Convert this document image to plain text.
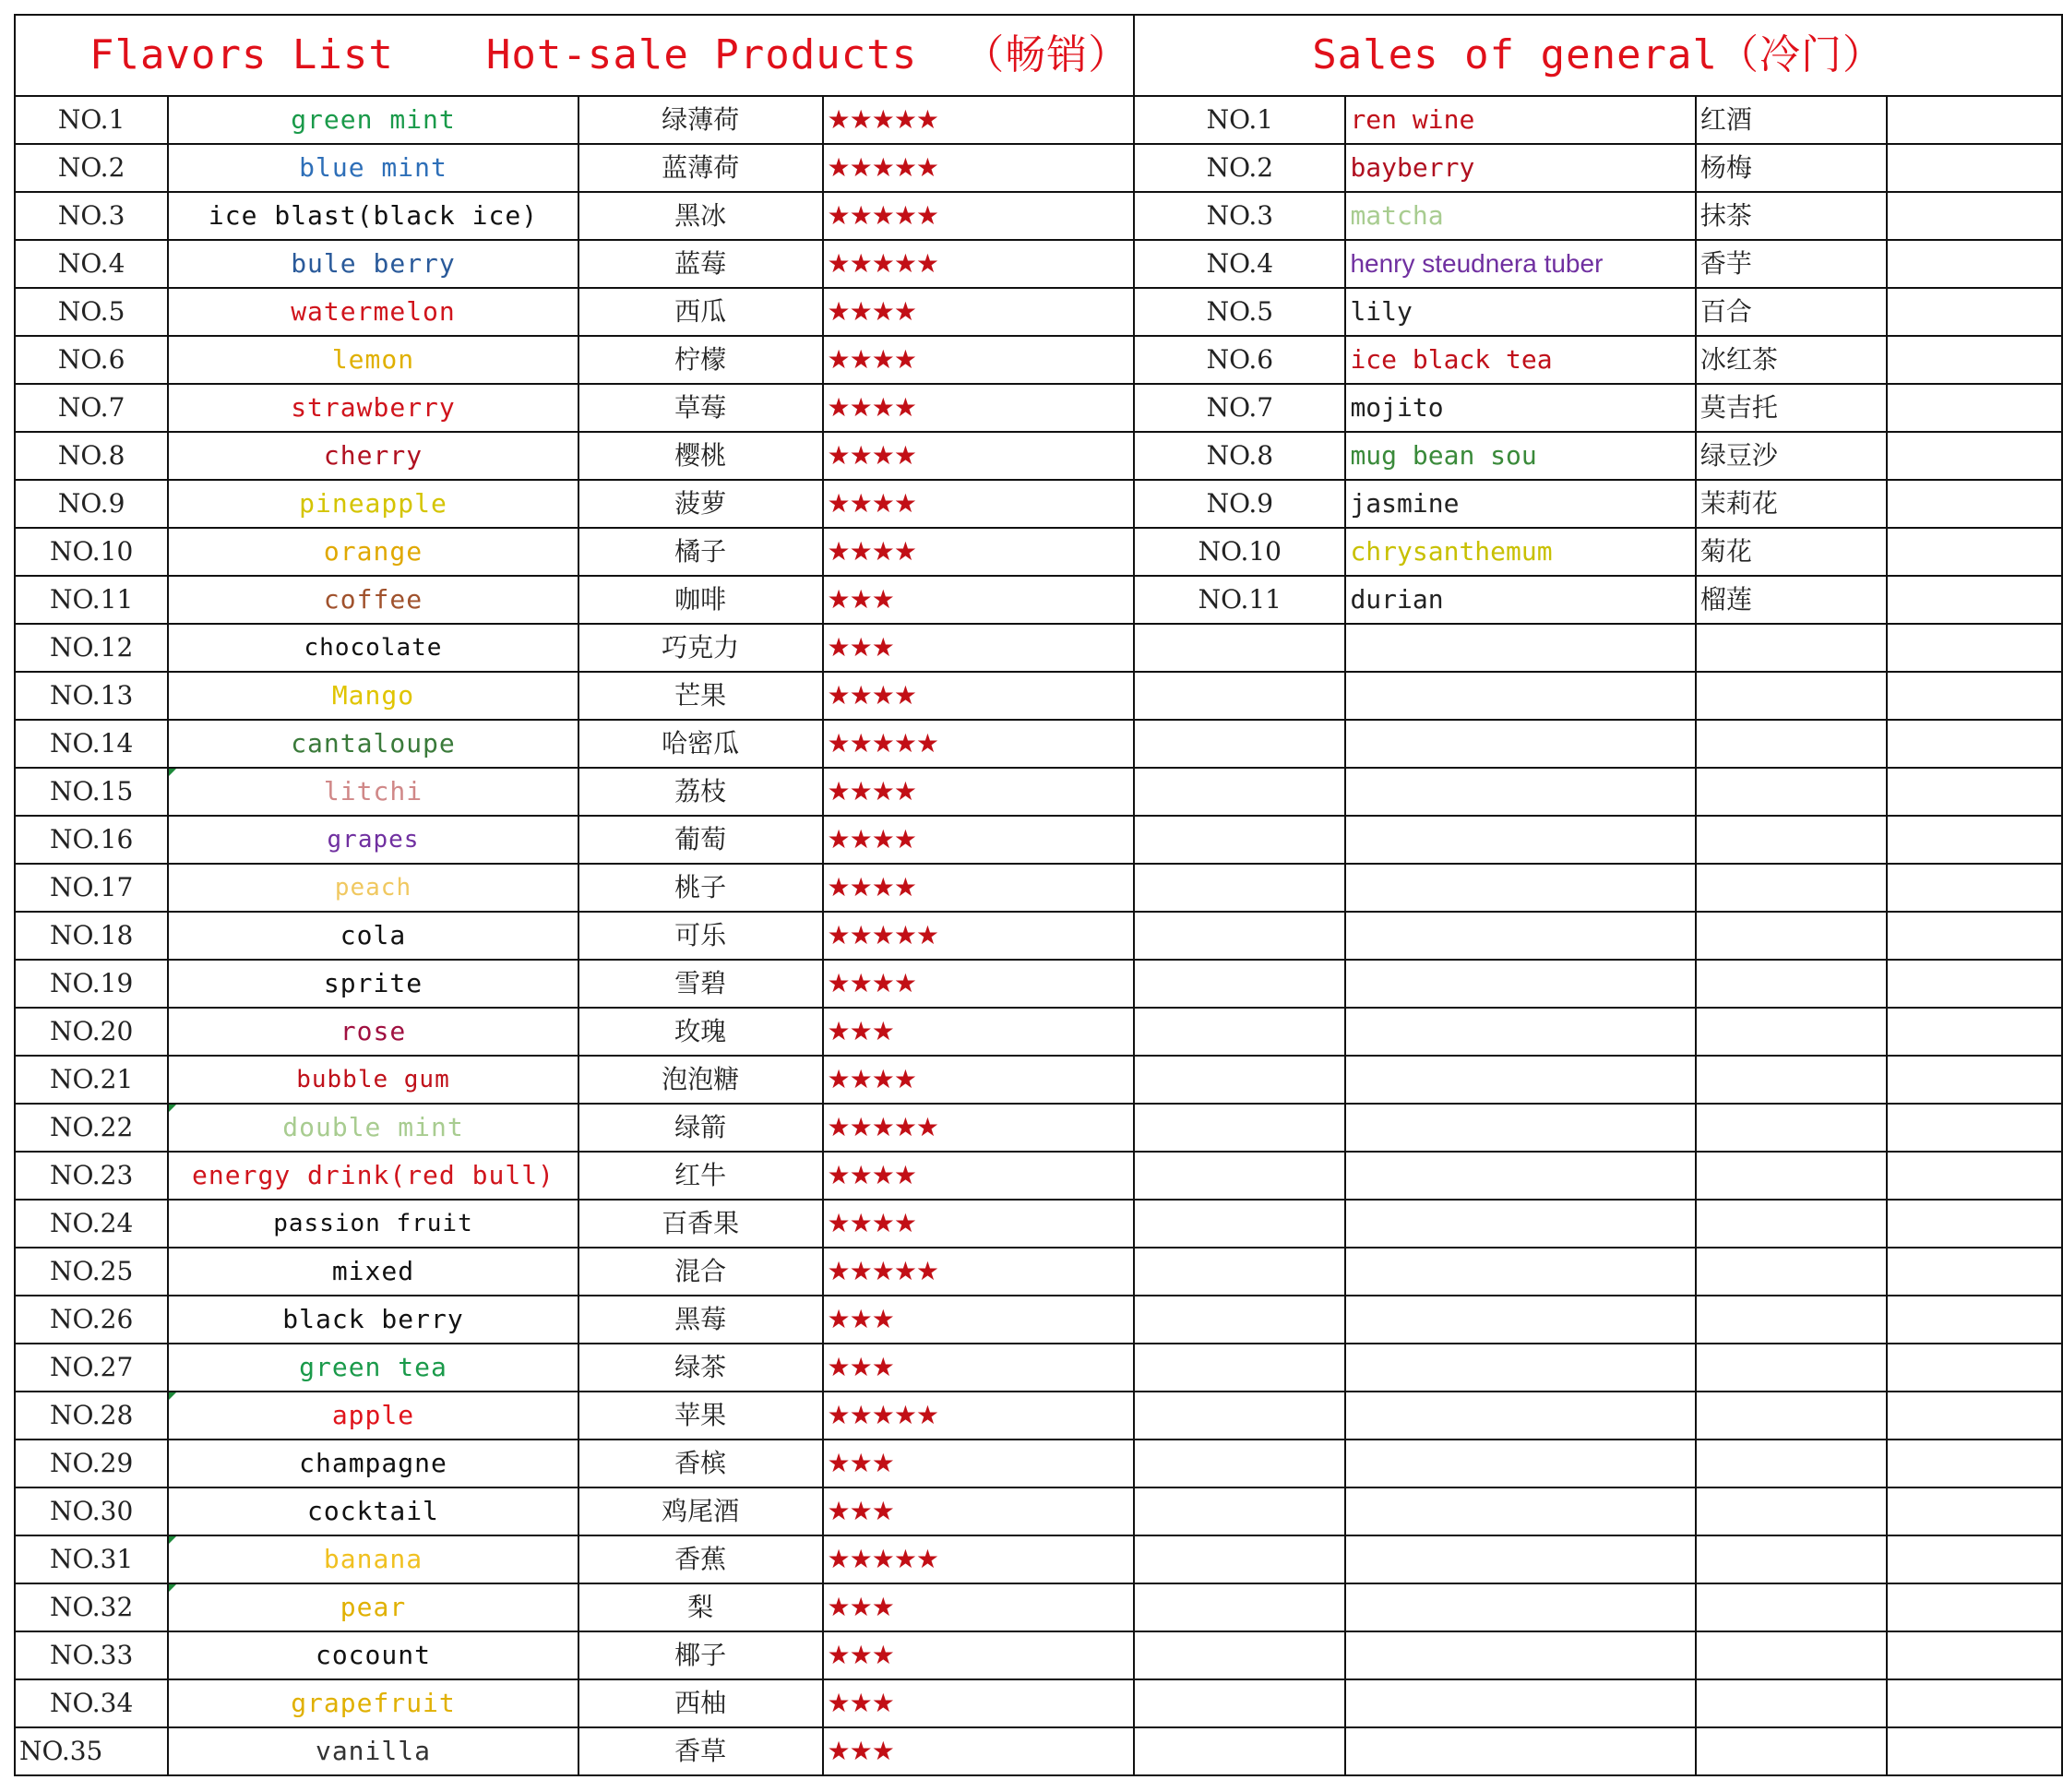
Flavors List Hot-sale Products （畅销）				Sales of general（冷门）			
NO.1	green mint	绿薄荷	★★★★★	NO.1	ren wine	红酒	
NO.2	blue mint	蓝薄荷	★★★★★	NO.2	bayberry	杨梅	
NO.3	ice blast(black ice)	黑冰	★★★★★	NO.3	matcha	抹茶	
NO.4	bule berry	蓝莓	★★★★★	NO.4	henry steudnera tuber	香芋	
NO.5	watermelon	西瓜	★★★★	NO.5	lily	百合	
NO.6	lemon	柠檬	★★★★	NO.6	ice black tea	冰红茶	
NO.7	strawberry	草莓	★★★★	NO.7	mojito	莫吉托	
NO.8	cherry	樱桃	★★★★	NO.8	mug bean sou	绿豆沙	
NO.9	pineapple	菠萝	★★★★	NO.9	jasmine	茉莉花	
NO.10	orange	橘子	★★★★	NO.10	chrysanthemum	菊花	
NO.11	coffee	咖啡	★★★	NO.11	durian	榴莲	
NO.12	chocolate	巧克力	★★★				
NO.13	Mango	芒果	★★★★				
NO.14	cantaloupe	哈密瓜	★★★★★				
NO.15	litchi	荔枝	★★★★				
NO.16	grapes	葡萄	★★★★				
NO.17	peach	桃子	★★★★				
NO.18	cola	可乐	★★★★★				
NO.19	sprite	雪碧	★★★★				
NO.20	rose	玫瑰	★★★				
NO.21	bubble gum	泡泡糖	★★★★				
NO.22	double mint	绿箭	★★★★★				
NO.23	energy drink(red bull)	红牛	★★★★				
NO.24	passion fruit	百香果	★★★★				
NO.25	mixed	混合	★★★★★				
NO.26	black berry	黑莓	★★★				
NO.27	green tea	绿茶	★★★				
NO.28	apple	苹果	★★★★★				
NO.29	champagne	香槟	★★★				
NO.30	cocktail	鸡尾酒	★★★				
NO.31	banana	香蕉	★★★★★				
NO.32	pear	梨	★★★				
NO.33	cocount	椰子	★★★				
NO.34	grapefruit	西柚	★★★				
NO.35	vanilla	香草	★★★				
